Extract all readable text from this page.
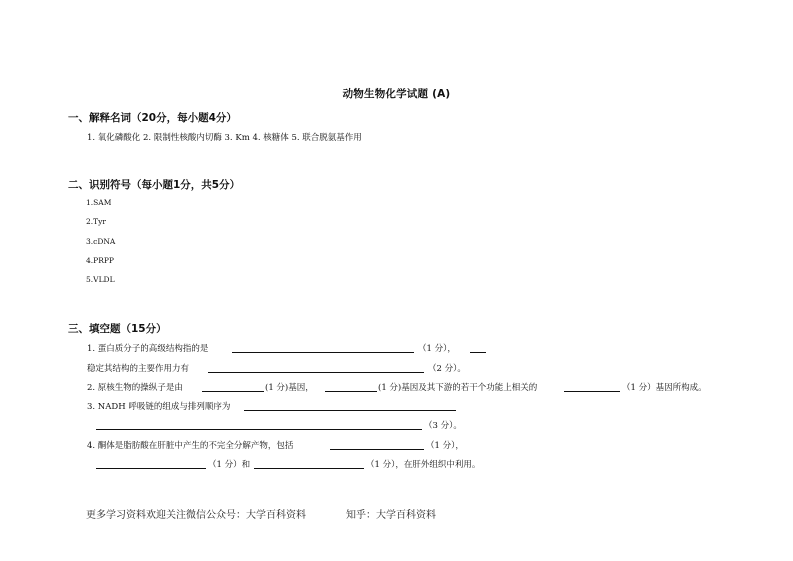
动物生物化学试题 (A)
一、解释名词（20分，每小题4分）
1. 氧化磷酸化 2. 限制性核酸内切酶 3. Km 4. 核糖体 5. 联合脱氨基作用
二、识别符号（每小题1分，共5分）
1.SAM
2.Tyr
3.cDNA
4.PRPP
5.VLDL
三、填空题（15分）
1. 蛋白质分子的高级结构指的是	（1 分），
稳定其结构的主要作用力有	（2 分）。
2. 原核生物的操纵子是由	(1 分)基因，	(1 分)基因及其下游的若干个功能上相关的	（1 分）基因所构成。
3. NADH 呼吸链的组成与排列顺序为
（3 分）。
4. 酮体是脂肪酸在肝脏中产生的不完全分解产物，包括	（1 分），
（1 分）和	（1 分），在肝外组织中利用。
更多学习资料欢迎关注微信公众号：大学百科资料	知乎：大学百科资料
